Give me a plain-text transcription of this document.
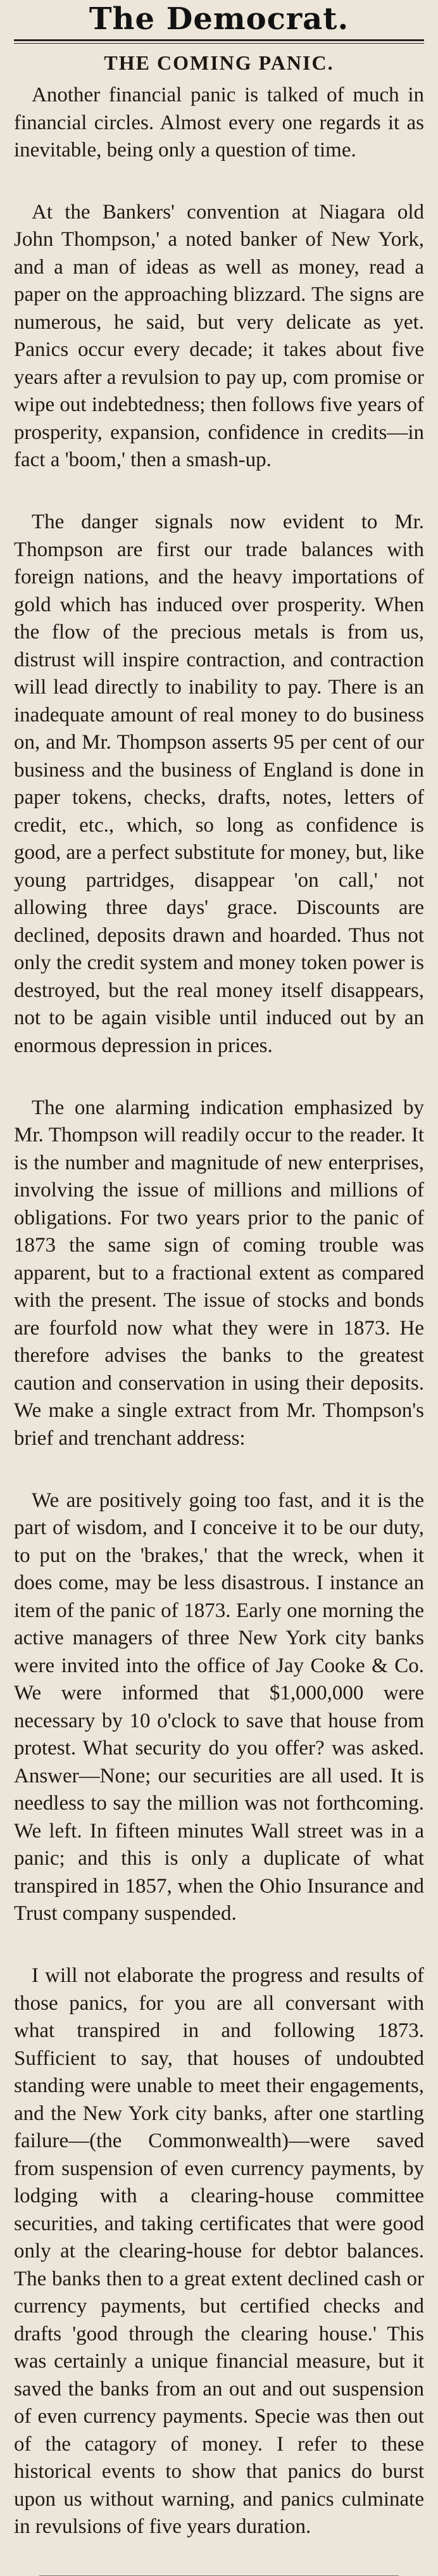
The Democrat.
THE COMING PANIC.

Another financial panic is talked of much in financial circles. Almost every one regards it as inevitable, being only a question of time.

At the Bankers' convention at Niagara old John Thompson,' a noted banker of New York, and a man of ideas as well as money, read a paper on the approaching blizzard. The signs are numerous, he said, but very delicate as yet. Panics occur every decade; it takes about five years after a revulsion to pay up, com promise or wipe out indebtedness; then follows five years of prosperity, expansion, confidence in credits—in fact a 'boom,' then a smash-up.

The danger signals now evident to Mr. Thompson are first our trade balances with foreign nations, and the heavy importations of gold which has induced over prosperity. When the flow of the precious metals is from us, distrust will inspire contraction, and contraction will lead directly to inability to pay. There is an inadequate amount of real money to do business on, and Mr. Thompson asserts 95 per cent of our business and the business of England is done in paper tokens, checks, drafts, notes, letters of credit, etc., which, so long as confidence is good, are a perfect substitute for money, but, like young partridges, disappear 'on call,' not allowing three days' grace. Discounts are declined, deposits drawn and hoarded. Thus not only the credit system and money token power is destroyed, but the real money itself disappears, not to be again visible until induced out by an enormous depression in prices.

The one alarming indication emphasized by Mr. Thompson will readily occur to the reader. It is the number and magnitude of new enterprises, involving the issue of millions and millions of obligations. For two years prior to the panic of 1873 the same sign of coming trouble was apparent, but to a fractional extent as compared with the present. The issue of stocks and bonds are fourfold now what they were in 1873. He therefore advises the banks to the greatest caution and conservation in using their deposits. We make a single extract from Mr. Thompson's brief and trenchant address:

We are positively going too fast, and it is the part of wisdom, and I conceive it to be our duty, to put on the 'brakes,' that the wreck, when it does come, may be less disastrous. I instance an item of the panic of 1873. Early one morning the active managers of three New York city banks were invited into the office of Jay Cooke & Co. We were informed that $1,000,000 were necessary by 10 o'clock to save that house from protest. What security do you offer? was asked. Answer—None; our securities are all used. It is needless to say the million was not forthcoming. We left. In fifteen minutes Wall street was in a panic; and this is only a duplicate of what transpired in 1857, when the Ohio Insurance and Trust company suspended.

I will not elaborate the progress and results of those panics, for you are all conversant with what transpired in and following 1873. Sufficient to say, that houses of undoubted standing were unable to meet their engagements, and the New York city banks, after one startling failure—(the Commonwealth)—were saved from suspension of even currency payments, by lodging with a clearing-house committee securities, and taking certificates that were good only at the clearing-house for debtor balances. The banks then to a great extent declined cash or currency payments, but certified checks and drafts 'good through the clearing house.' This was certainly a unique financial measure, but it saved the banks from an out and out suspension of even currency payments. Specie was then out of the catagory of money. I refer to these historical events to show that panics do burst upon us without warning, and panics culminate in revulsions of five years duration.
